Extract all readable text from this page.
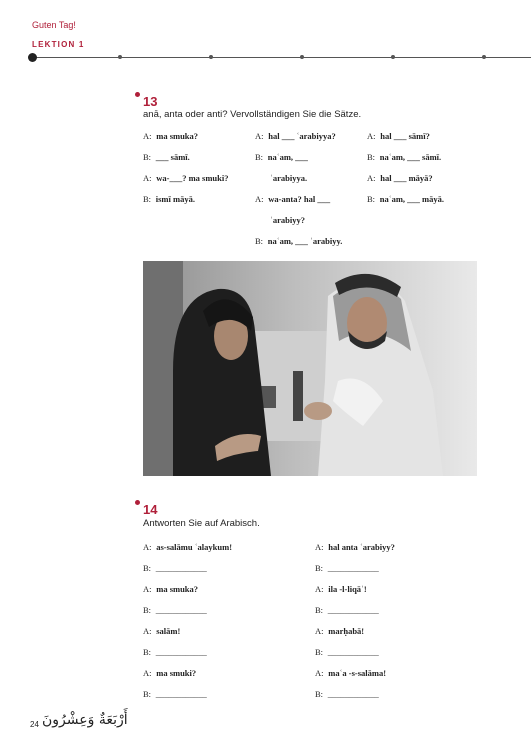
Guten Tag!
LEKTION 1
13
anā, anta oder anti? Vervollständigen Sie die Sätze.
A: ma smuka?
B: ___ sāmī.
A: wa-___? ma smuki?
B: ismī māyā.
A: hal ___ ʿarabiyya?
B: naʿam, ___
ʿarabiyya.
A: wa-anta? hal ___
ʿarabiyy?
B: naʿam, ___ ʿarabiyy.
A: hal ___ sāmī?
B: naʿam, ___ sāmī.
A: hal ___ māyā?
B: naʿam, ___ māyā.
14
Antworten Sie auf Arabisch.
A: as-salāmu ʿalaykum!
B: ____________
A: ma smuka?
B: ____________
A: salām!
B: ____________
A: ma smuki?
B: ____________
A: hal anta ʿarabiyy?
B: ____________
A: ila -l-liqāʾ!
B: ____________
A: marḥabā!
B: ____________
A: maʿa -s-salāma!
B: ____________
24 أَرْبَعَةٌ وَعِشْرُونَ
